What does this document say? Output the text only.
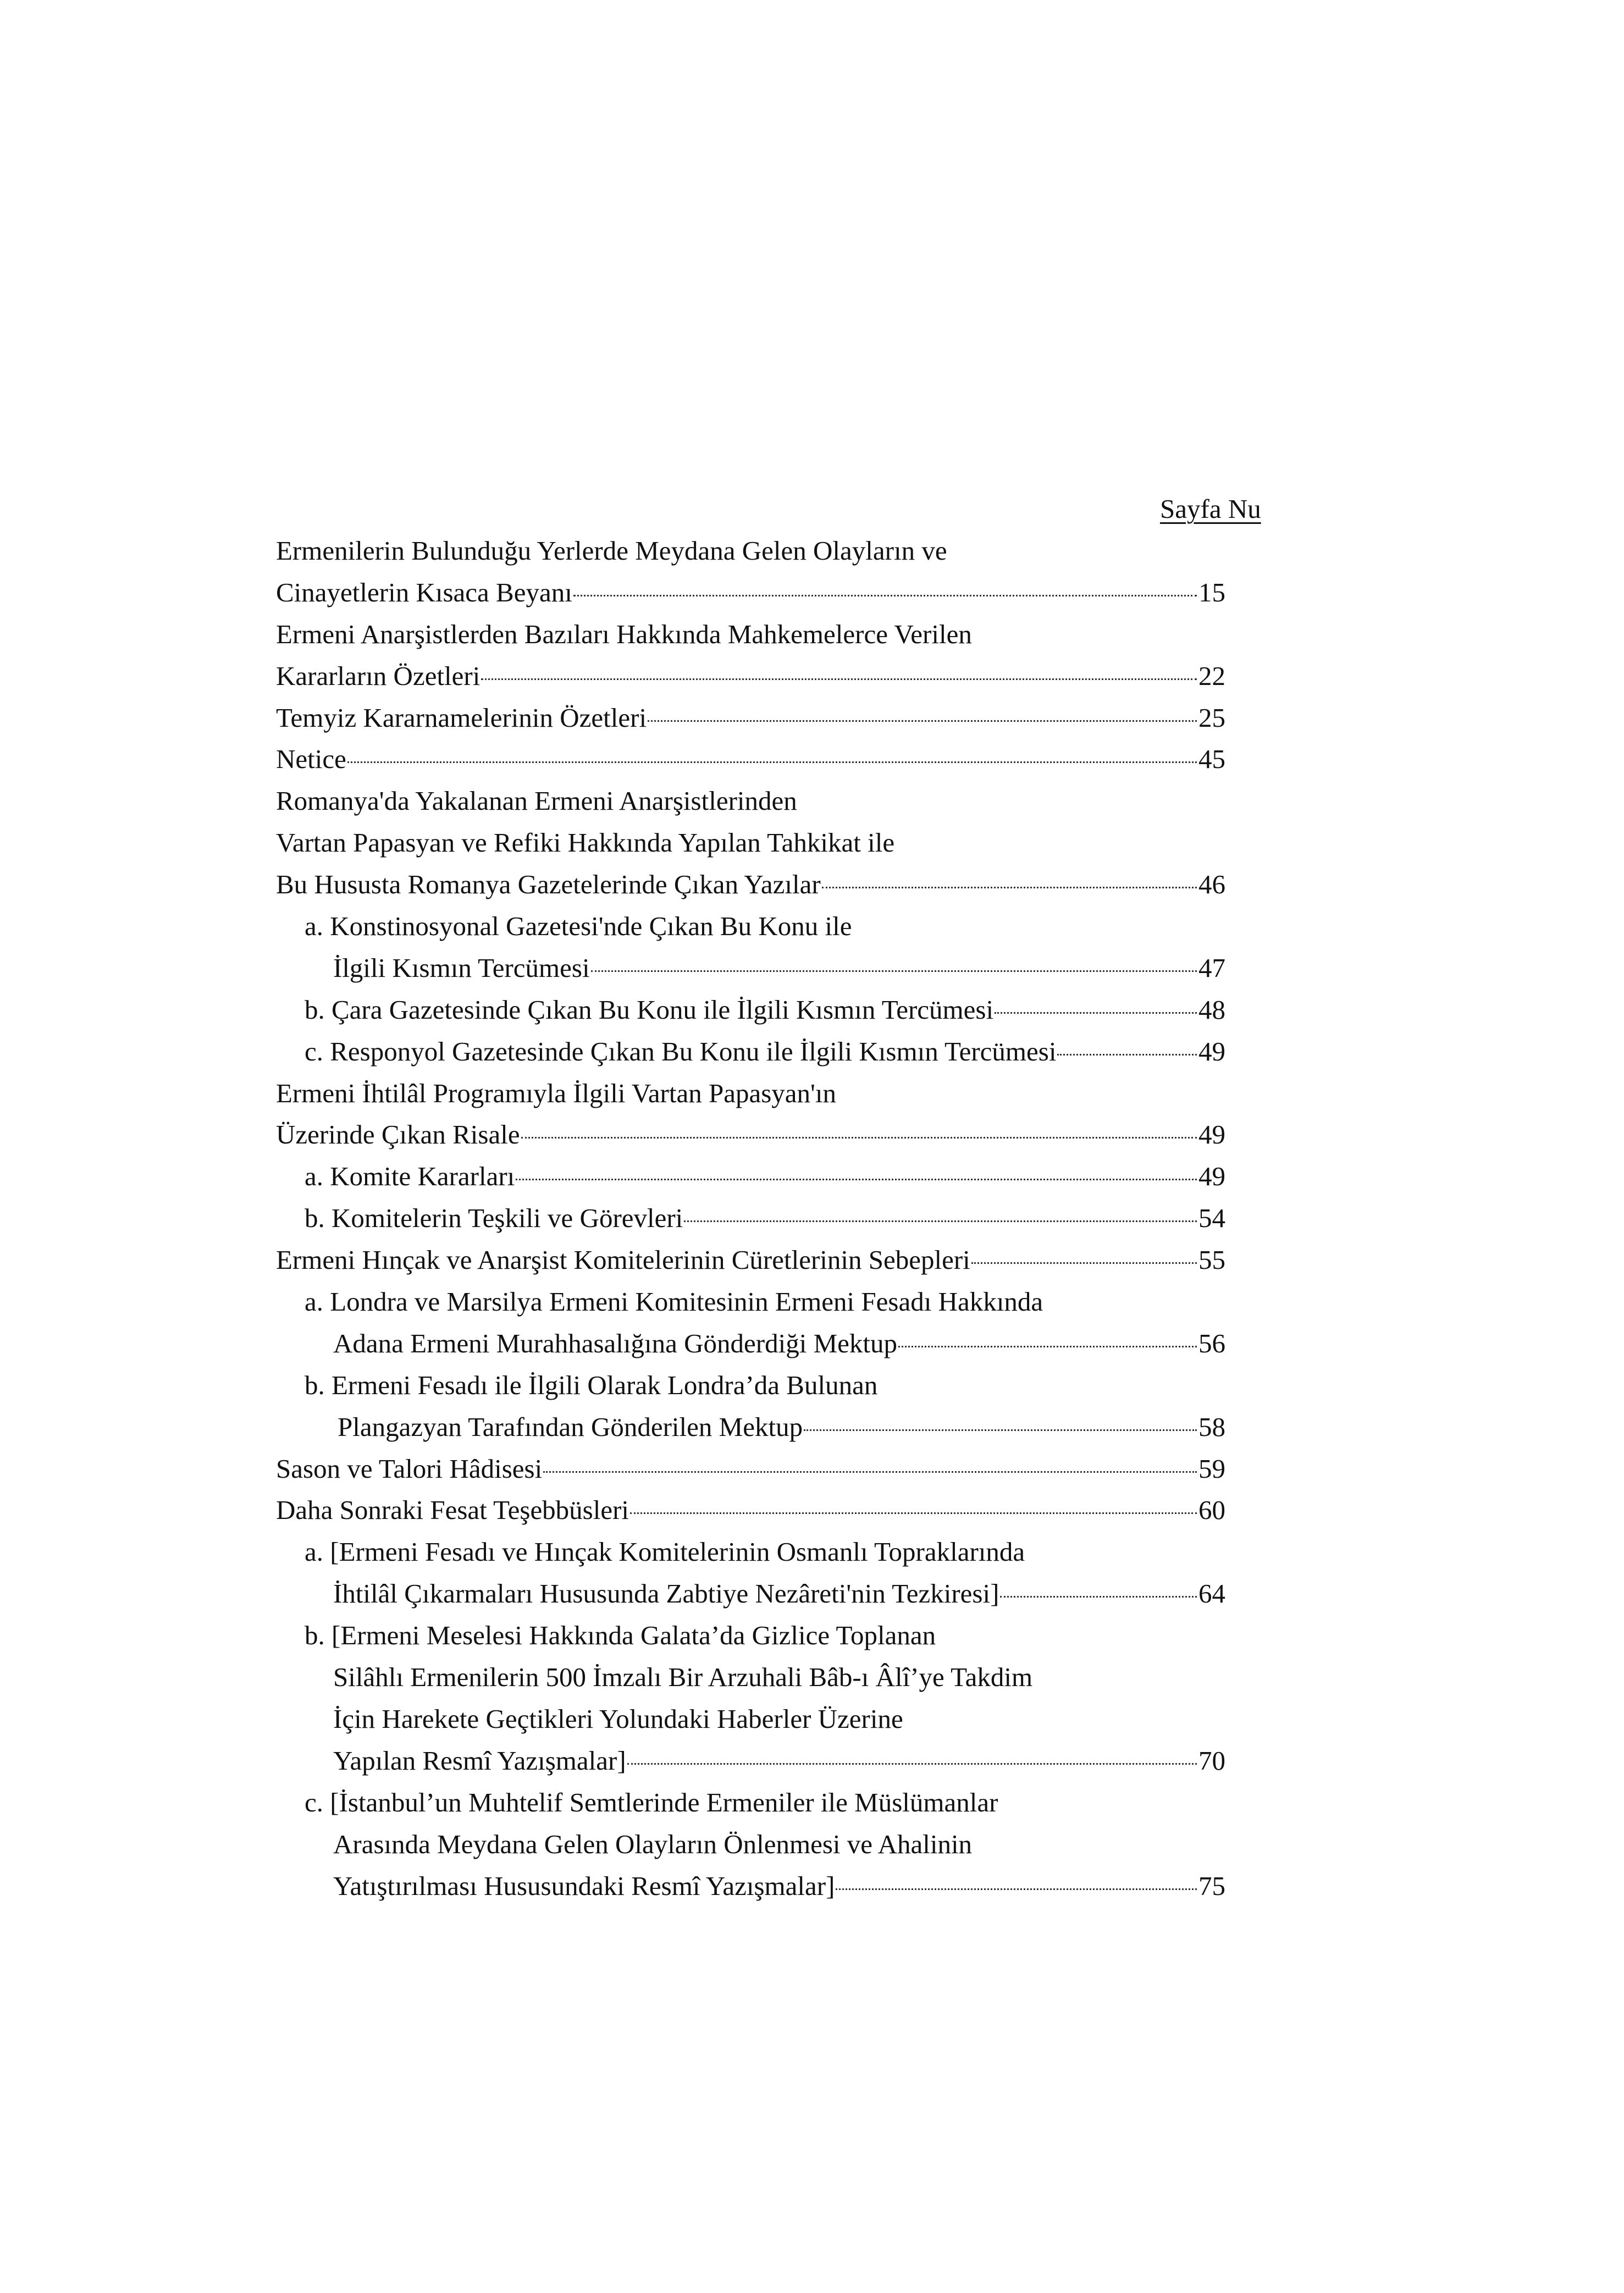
Sayfa Nu
Ermenilerin Bulunduğu Yerlerde Meydana Gelen Olayların ve
Cinayetlerin Kısaca Beyanı	15
Ermeni Anarşistlerden Bazıları Hakkında Mahkemelerce Verilen
Kararların Özetleri	22
Temyiz Kararnamelerinin Özetleri	25
Netice	45
Romanya'da Yakalanan Ermeni Anarşistlerinden
Vartan Papasyan ve Refiki Hakkında Yapılan Tahkikat ile
Bu Hususta Romanya Gazetelerinde Çıkan Yazılar	46
a. Konstinosyonal Gazetesi'nde Çıkan Bu Konu ile
İlgili Kısmın Tercümesi	47
b. Çara Gazetesinde Çıkan Bu Konu ile İlgili Kısmın Tercümesi	48
c. Responyol Gazetesinde Çıkan Bu Konu ile İlgili Kısmın Tercümesi	49
Ermeni İhtilâl Programıyla İlgili Vartan Papasyan'ın
Üzerinde Çıkan Risale	49
a. Komite Kararları	49
b. Komitelerin Teşkili ve Görevleri	54
Ermeni Hınçak ve Anarşist Komitelerinin Cüretlerinin Sebepleri	55
a. Londra ve Marsilya Ermeni Komitesinin Ermeni Fesadı Hakkında
Adana Ermeni Murahhasalığına Gönderdiği Mektup	56
b. Ermeni Fesadı ile İlgili Olarak Londra’da Bulunan
Plangazyan Tarafından Gönderilen Mektup	58
Sason ve Talori Hâdisesi	59
Daha Sonraki Fesat Teşebbüsleri	60
a. [Ermeni Fesadı ve Hınçak Komitelerinin Osmanlı Topraklarında
İhtilâl Çıkarmaları Hususunda Zabtiye Nezâreti'nin Tezkiresi]	64
b. [Ermeni Meselesi Hakkında Galata’da Gizlice Toplanan
Silâhlı Ermenilerin 500 İmzalı Bir Arzuhali Bâb-ı Âlî’ye Takdim
İçin Harekete Geçtikleri Yolundaki Haberler Üzerine
Yapılan Resmî Yazışmalar]	70
c. [İstanbul’un Muhtelif Semtlerinde Ermeniler ile Müslümanlar
Arasında Meydana Gelen Olayların Önlenmesi ve Ahalinin
Yatıştırılması Hususundaki Resmî Yazışmalar]	75
